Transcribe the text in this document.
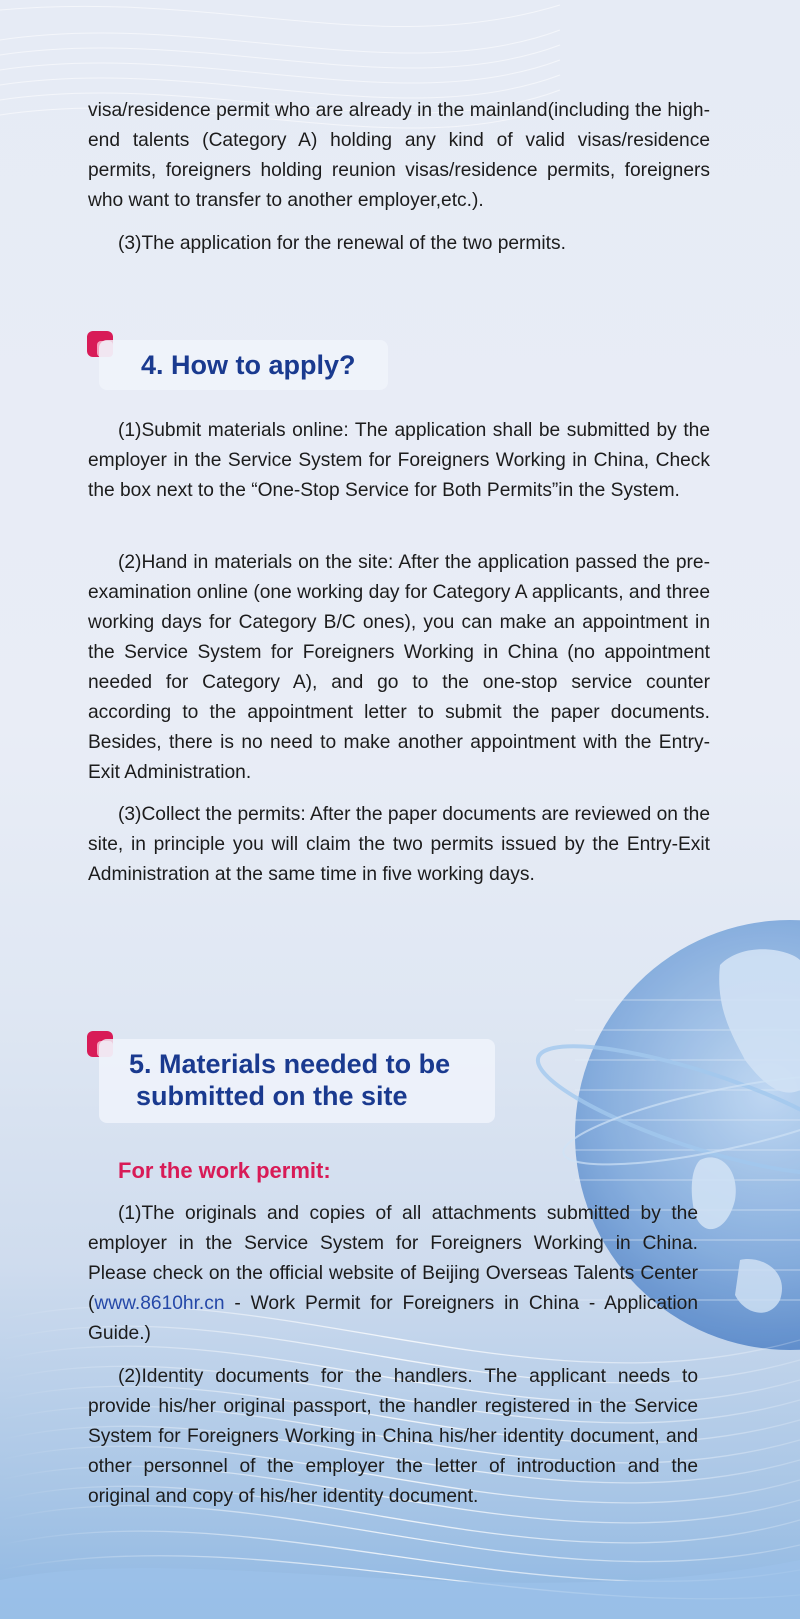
visa/residence permit who are already in the mainland(including the high-end talents (Category A) holding any kind of valid visas/residence permits, foreigners holding reunion visas/residence permits, foreigners who want to transfer to another employer,etc.).

(3)The application for the renewal of the two permits.

4. How to apply?

(1)Submit materials online: The application shall be submitted by the employer in the Service System for Foreigners Working in China, Check the box next to the “One-Stop Service for Both Permits”in the System.

(2)Hand in materials on the site: After the application passed the pre-examination online (one working day for Category A applicants, and three working days for Category B/C ones), you can make an appointment in the Service System for Foreigners Working in China (no appointment needed for Category A), and go to the one-stop service counter according to the appointment letter to submit the paper documents. Besides, there is no need to make another appointment with the Entry-Exit Administration.

(3)Collect the permits: After the paper documents are reviewed on the site, in principle you will claim the two permits issued by the Entry-Exit Administration at the same time in five working days.

5. Materials needed to be

submitted on the site

For the work permit:

(1)The originals and copies of all attachments submitted by the employer in the Service System for Foreigners Working in China. Please check on the official website of Beijing Overseas Talents Center (www.8610hr.cn - Work Permit for Foreigners in China - Application Guide.)

(2)Identity documents for the handlers. The applicant needs to provide his/her original passport, the handler registered in the Service System for Foreigners Working in China his/her identity document, and other personnel of the employer the letter of introduction and the original and copy of his/her identity document.
